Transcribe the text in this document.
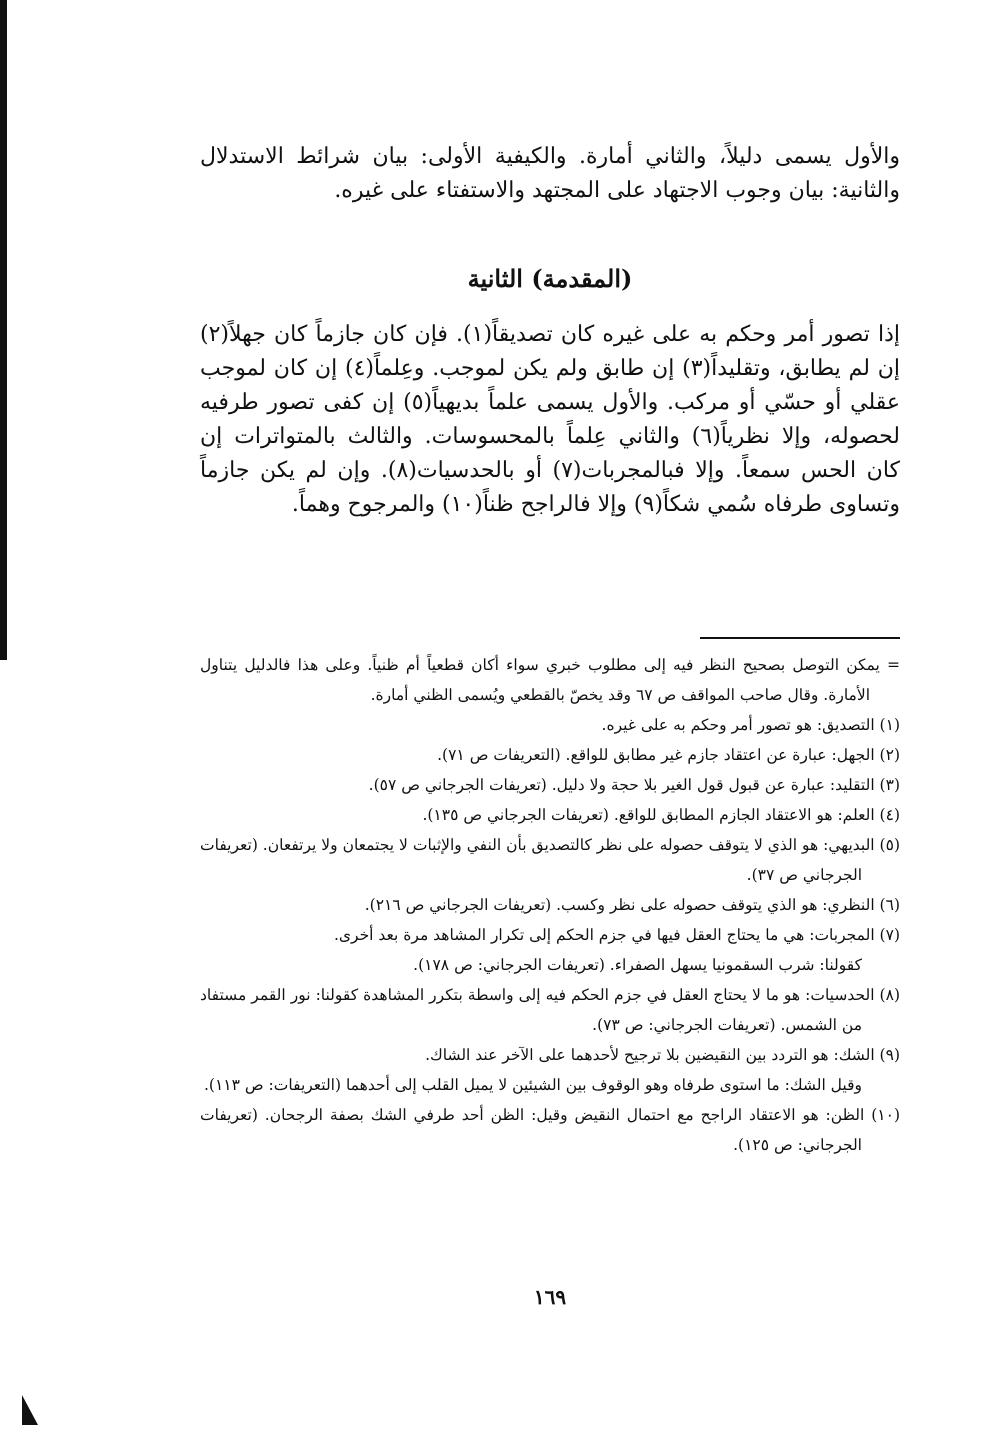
والأول يسمى دليلاً، والثاني أمارة. والكيفية الأولى: بيان شرائط الاستدلال والثانية: بيان وجوب الاجتهاد على المجتهد والاستفتاء على غيره.

(المقدمة) الثانية

إذا تصور أمر وحكم به على غيره كان تصديقاً(١). فإن كان جازماً كان جهلاً(٢) إن لم يطابق، وتقليداً(٣) إن طابق ولم يكن لموجب. وعِلماً(٤) إن كان لموجب عقلي أو حسّي أو مركب. والأول يسمى علماً بديهياً(٥) إن كفى تصور طرفيه لحصوله، وإلا نظرياً(٦) والثاني عِلماً بالمحسوسات. والثالث بالمتواترات إن كان الحس سمعاً. وإلا فبالمجربات(٧) أو بالحدسيات(٨). وإن لم يكن جازماً وتساوى طرفاه سُمي شكاً(٩) وإلا فالراجح ظناً(١٠) والمرجوح وهماً.

= يمكن التوصل بصحيح النظر فيه إلى مطلوب خبري سواء أكان قطعياً أم ظنياً. وعلى هذا فالدليل يتناول الأمارة. وقال صاحب المواقف ص ٦٧ وقد يخصّ بالقطعي ويُسمى الظني أمارة.

(١) التصديق: هو تصور أمر وحكم به على غيره.

(٢) الجهل: عبارة عن اعتقاد جازم غير مطابق للواقع. (التعريفات ص ٧١).

(٣) التقليد: عبارة عن قبول قول الغير بلا حجة ولا دليل. (تعريفات الجرجاني ص ٥٧).

(٤) العلم: هو الاعتقاد الجازم المطابق للواقع. (تعريفات الجرجاني ص ١٣٥).

(٥) البديهي: هو الذي لا يتوقف حصوله على نظر كالتصديق بأن النفي والإثبات لا يجتمعان ولا يرتفعان. (تعريفات الجرجاني ص ٣٧).

(٦) النظري: هو الذي يتوقف حصوله على نظر وكسب. (تعريفات الجرجاني ص ٢١٦).

(٧) المجربات: هي ما يحتاج العقل فيها في جزم الحكم إلى تكرار المشاهد مرة بعد أخرى.

كقولنا: شرب السقمونيا يسهل الصفراء. (تعريفات الجرجاني: ص ١٧٨).

(٨) الحدسيات: هو ما لا يحتاج العقل في جزم الحكم فيه إلى واسطة بتكرر المشاهدة كقولنا: نور القمر مستفاد من الشمس. (تعريفات الجرجاني: ص ٧٣).

(٩) الشك: هو التردد بين النقيضين بلا ترجيح لأحدهما على الآخر عند الشاك.

وقيل الشك: ما استوى طرفاه وهو الوقوف بين الشيئين لا يميل القلب إلى أحدهما (التعريفات: ص ١١٣).

(١٠) الظن: هو الاعتقاد الراجح مع احتمال النقيض وقيل: الظن أحد طرفي الشك بصفة الرجحان. (تعريفات الجرجاني: ص ١٢٥).

١٦٩
